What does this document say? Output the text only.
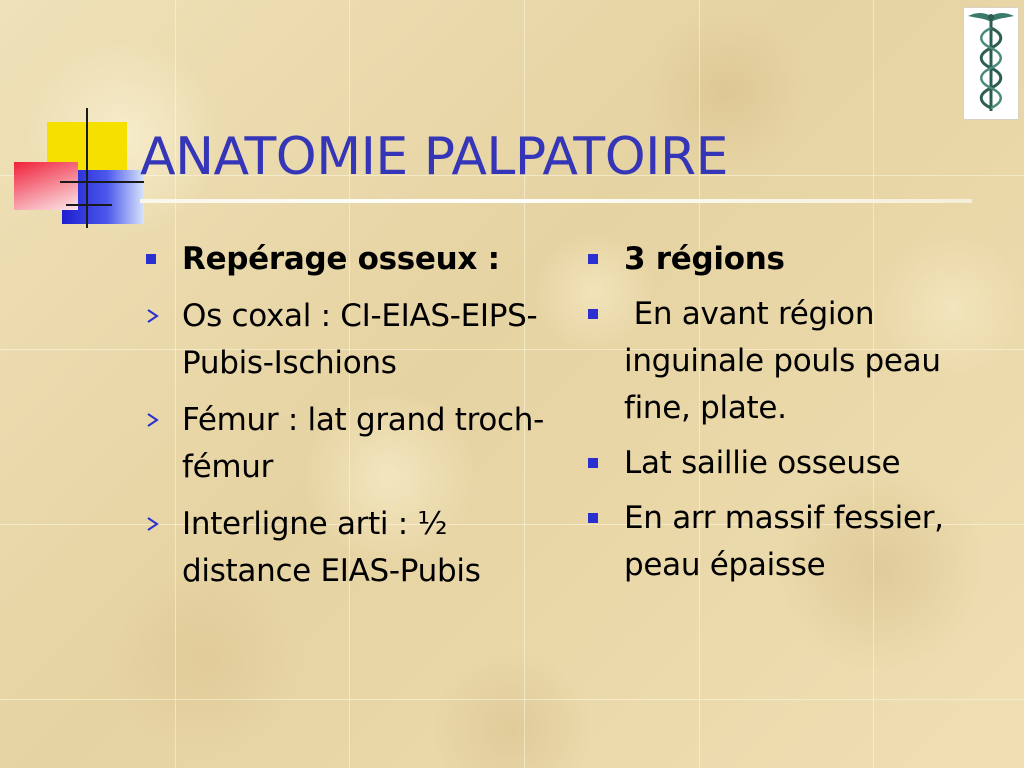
ANATOMIE PALPATOIRE
Repérage osseux :
Os coxal : CI-EIAS-EIPS-Pubis-Ischions
Fémur : lat grand troch- fémur
Interligne arti : ½ distance EIAS-Pubis
3 régions
En avant région inguinale pouls peau fine, plate.
Lat saillie osseuse
En arr massif fessier, peau épaisse
